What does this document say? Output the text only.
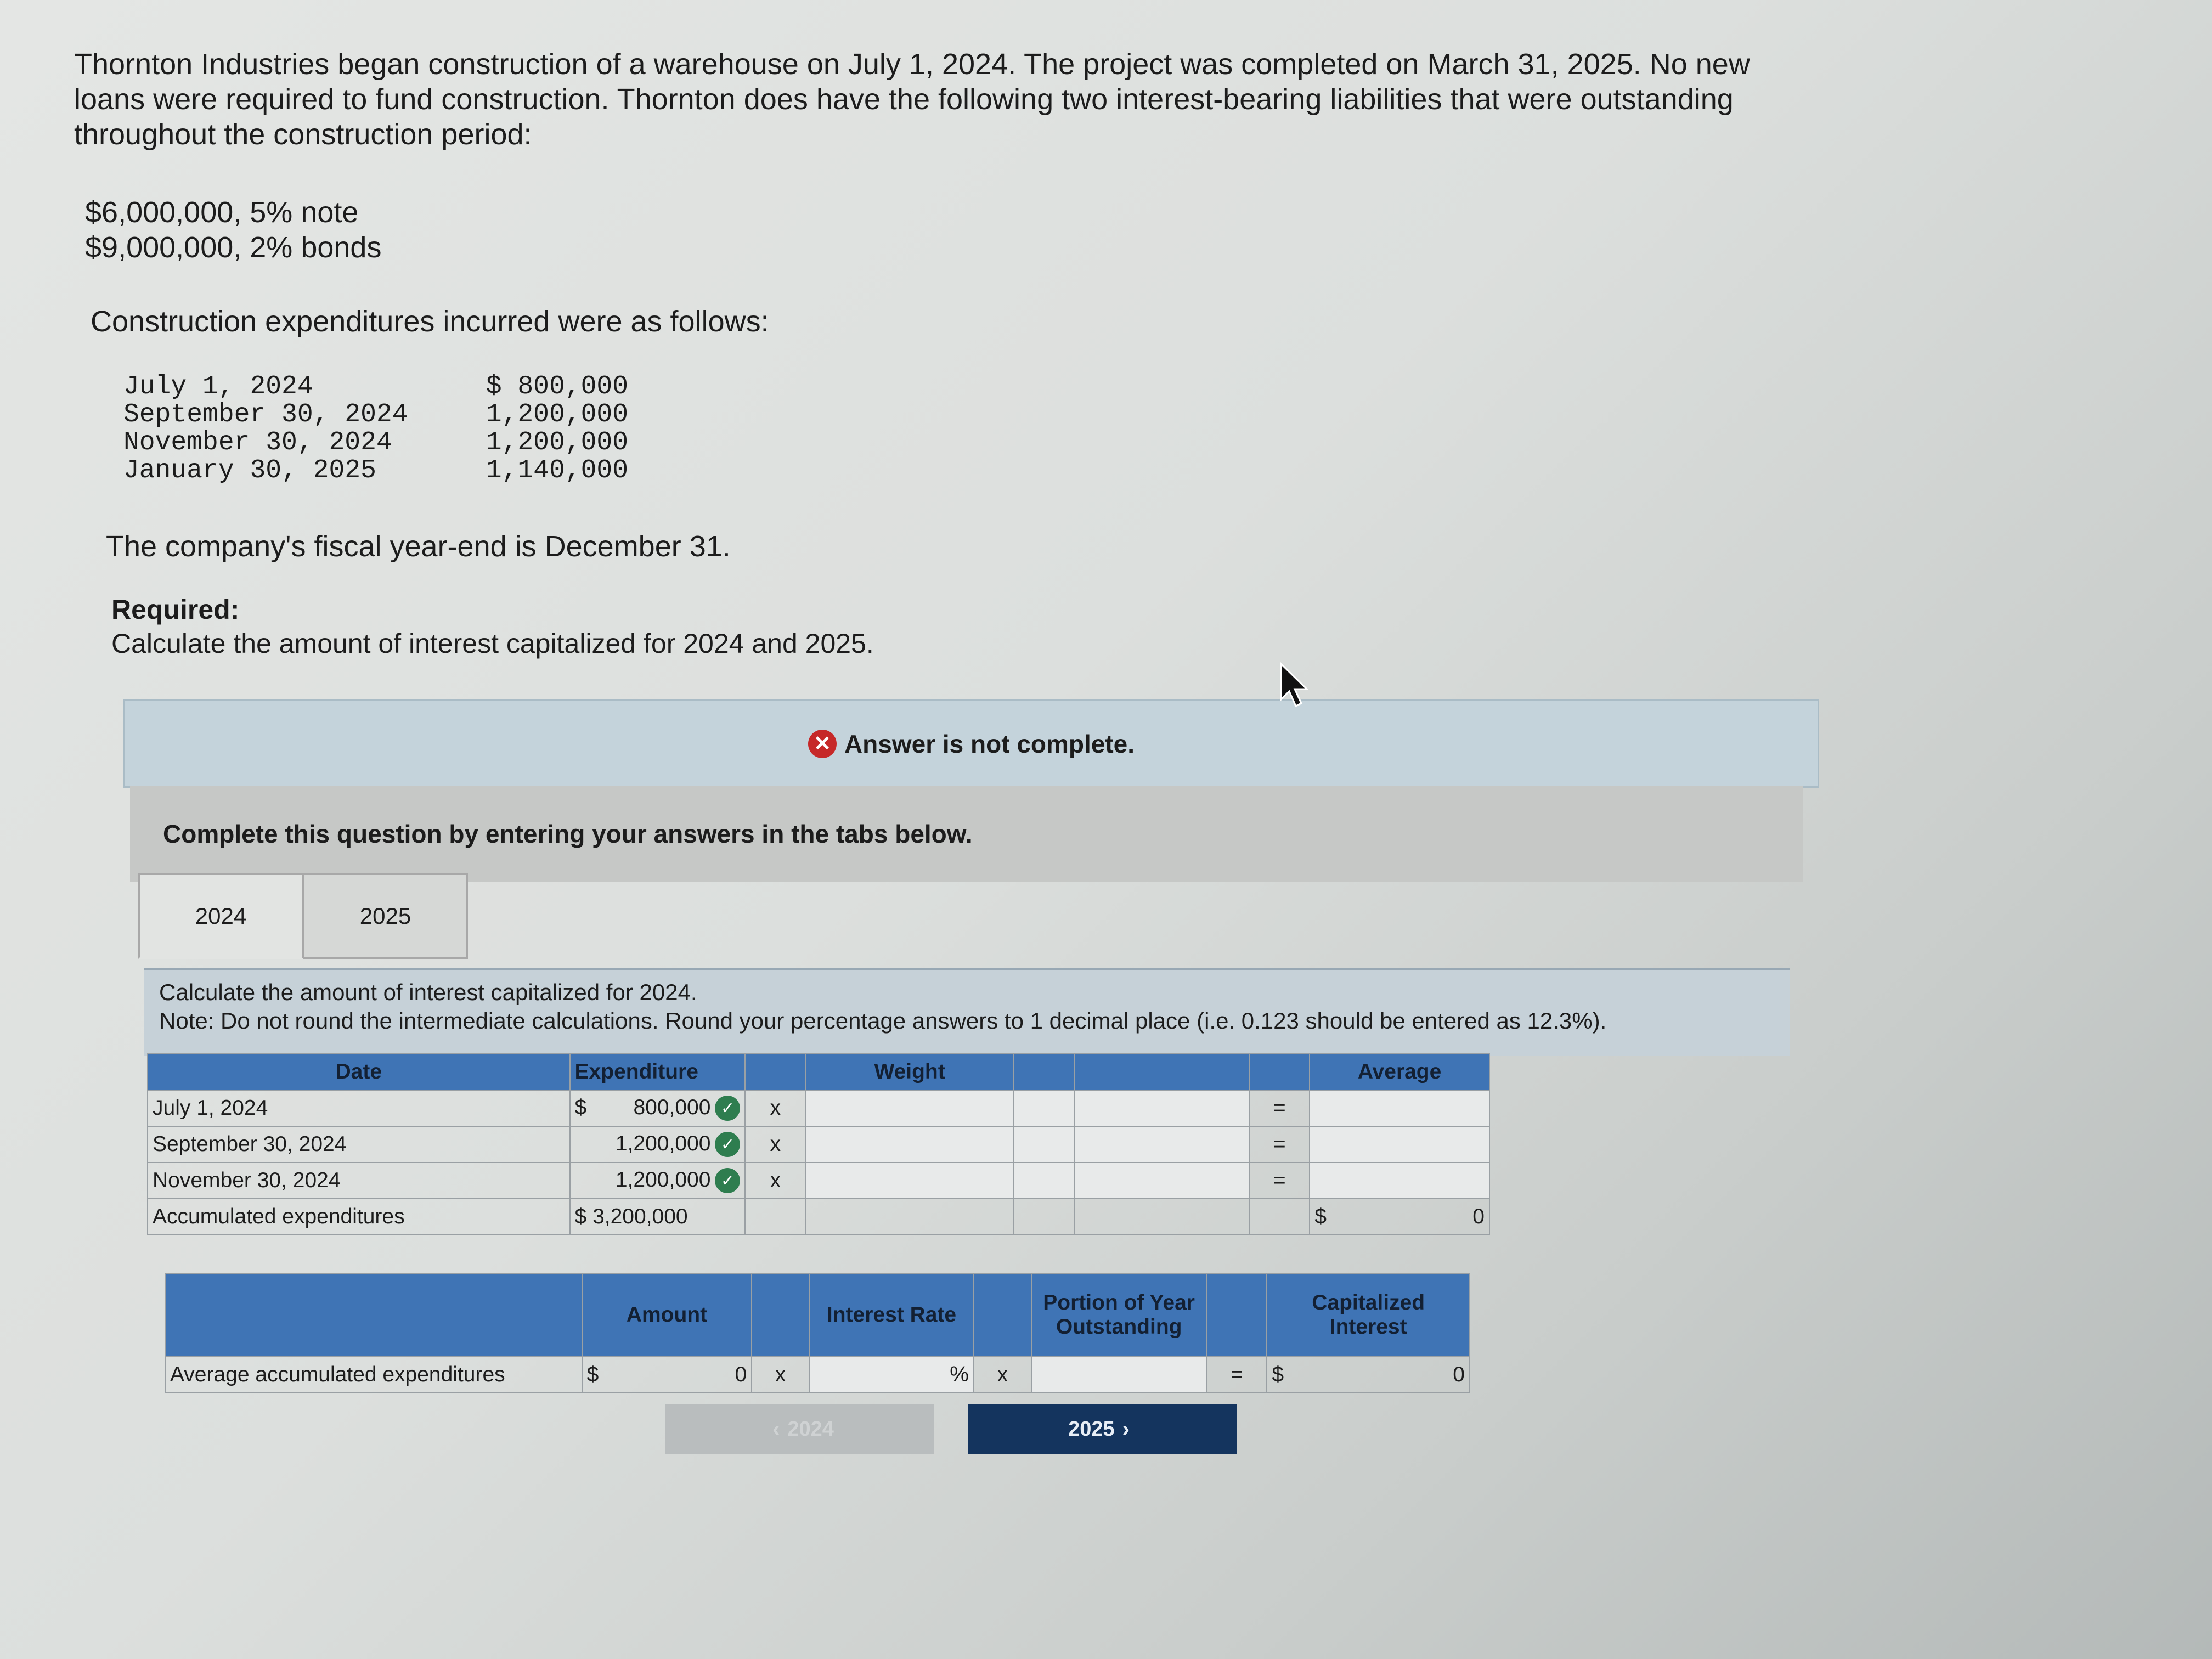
Thornton Industries began construction of a warehouse on July 1, 2024. The project was completed on March 31, 2025. No new loans were required to fund construction. Thornton does have the following two interest-bearing liabilities that were outstanding throughout the construction period:
$6,000,000, 5% note
$9,000,000, 2% bonds
Construction expenditures incurred were as follows:
July 1, 2024	$ 800,000
September 30, 2024	1,200,000
November 30, 2024	1,200,000
January 30, 2025	1,140,000
The company's fiscal year-end is December 31.
Required:
Calculate the amount of interest capitalized for 2024 and 2025.
✕ Answer is not complete.
Complete this question by entering your answers in the tabs below.
2024	2025
Calculate the amount of interest capitalized for 2024.
Note: Do not round the intermediate calculations. Round your percentage answers to 1 decimal place (i.e. 0.123 should be entered as 12.3%).
Date	Expenditure		Weight				Average
July 1, 2024	$ 800,000 ✓	x				=	
September 30, 2024	1,200,000 ✓	x				=	
November 30, 2024	1,200,000 ✓	x				=	
Accumulated expenditures	$ 3,200,000						$ 0
	Amount		Interest Rate		Portion of Year Outstanding		Capitalized Interest
Average accumulated expenditures	$ 0	x	%	x		=	$ 0
‹ 2024	2025 ›
